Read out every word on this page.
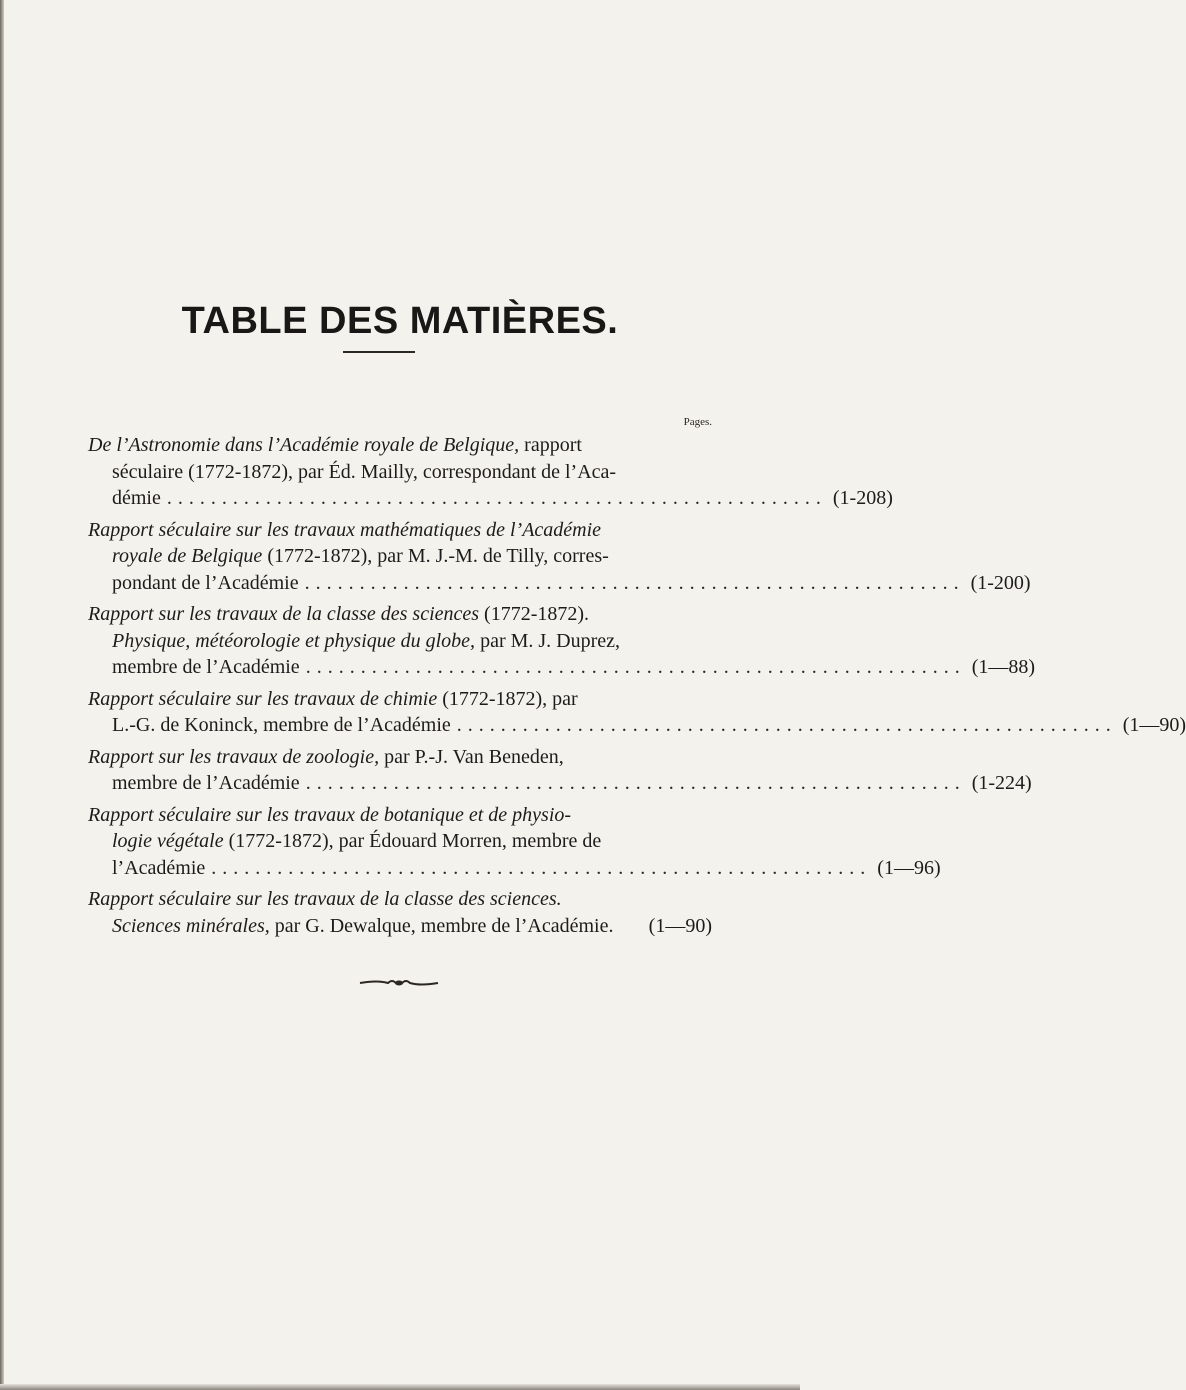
TABLE DES MATIÈRES.
Pages.
De l’Astronomie dans l’Académie royale de Belgique, rapport
séculaire (1772-1872), par Éd. Mailly, correspondant de l’Aca-
démie ............................................................ (1-208)
Rapport séculaire sur les travaux mathématiques de l’Académie
royale de Belgique (1772-1872), par M. J.-M. de Tilly, corres-
pondant de l’Académie ............................................................ (1-200)
Rapport sur les travaux de la classe des sciences (1772-1872).
Physique, météorologie et physique du globe, par M. J. Duprez,
membre de l’Académie ............................................................ (1—88)
Rapport séculaire sur les travaux de chimie (1772-1872), par
L.-G. de Koninck, membre de l’Académie ............................................................ (1—90)
Rapport sur les travaux de zoologie, par P.-J. Van Beneden,
membre de l’Académie ............................................................ (1-224)
Rapport séculaire sur les travaux de botanique et de physio-
logie végétale (1772-1872), par Édouard Morren, membre de
l’Académie ............................................................ (1—96)
Rapport séculaire sur les travaux de la classe des sciences.
Sciences minérales, par G. Dewalque, membre de l’Académie.	(1—90)
